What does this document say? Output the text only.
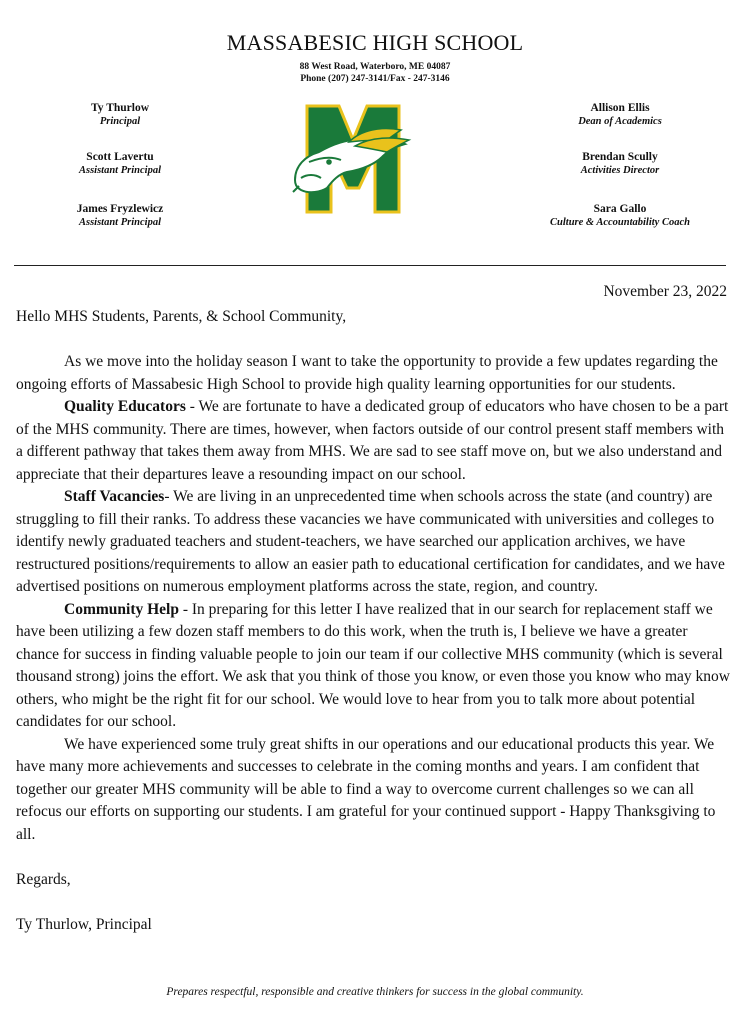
MASSABESIC HIGH SCHOOL
88 West Road, Waterboro, ME 04087
Phone (207) 247-3141/Fax - 247-3146
Ty Thurlow
Principal
Scott Lavertu
Assistant Principal
James Fryzlewicz
Assistant Principal
Allison Ellis
Dean of Academics
Brendan Scully
Activities Director
Sara Gallo
Culture & Accountability Coach
November 23, 2022

Hello MHS Students, Parents, & School Community,

As we move into the holiday season I want to take the opportunity to provide a few updates regarding the ongoing efforts of Massabesic High School to provide high quality learning opportunities for our students.

Quality Educators - We are fortunate to have a dedicated group of educators who have chosen to be a part of the MHS community. There are times, however, when factors outside of our control present staff members with a different pathway that takes them away from MHS. We are sad to see staff move on, but we also understand and appreciate that their departures leave a resounding impact on our school.

Staff Vacancies- We are living in an unprecedented time when schools across the state (and country) are struggling to fill their ranks. To address these vacancies we have communicated with universities and colleges to identify newly graduated teachers and student-teachers, we have searched our application archives, we have restructured positions/requirements to allow an easier path to educational certification for candidates, and we have advertised positions on numerous employment platforms across the state, region, and country.

Community Help - In preparing for this letter I have realized that in our search for replacement staff we have been utilizing a few dozen staff members to do this work, when the truth is, I believe we have a greater chance for success in finding valuable people to join our team if our collective MHS community (which is several thousand strong) joins the effort. We ask that you think of those you know, or even those you know who may know others, who might be the right fit for our school. We would love to hear from you to talk more about potential candidates for our school.

We have experienced some truly great shifts in our operations and our educational products this year. We have many more achievements and successes to celebrate in the coming months and years. I am confident that together our greater MHS community will be able to find a way to overcome current challenges so we can all refocus our efforts on supporting our students. I am grateful for your continued support - Happy Thanksgiving to all.

Regards,

Ty Thurlow, Principal

Prepares respectful, responsible and creative thinkers for success in the global community.
